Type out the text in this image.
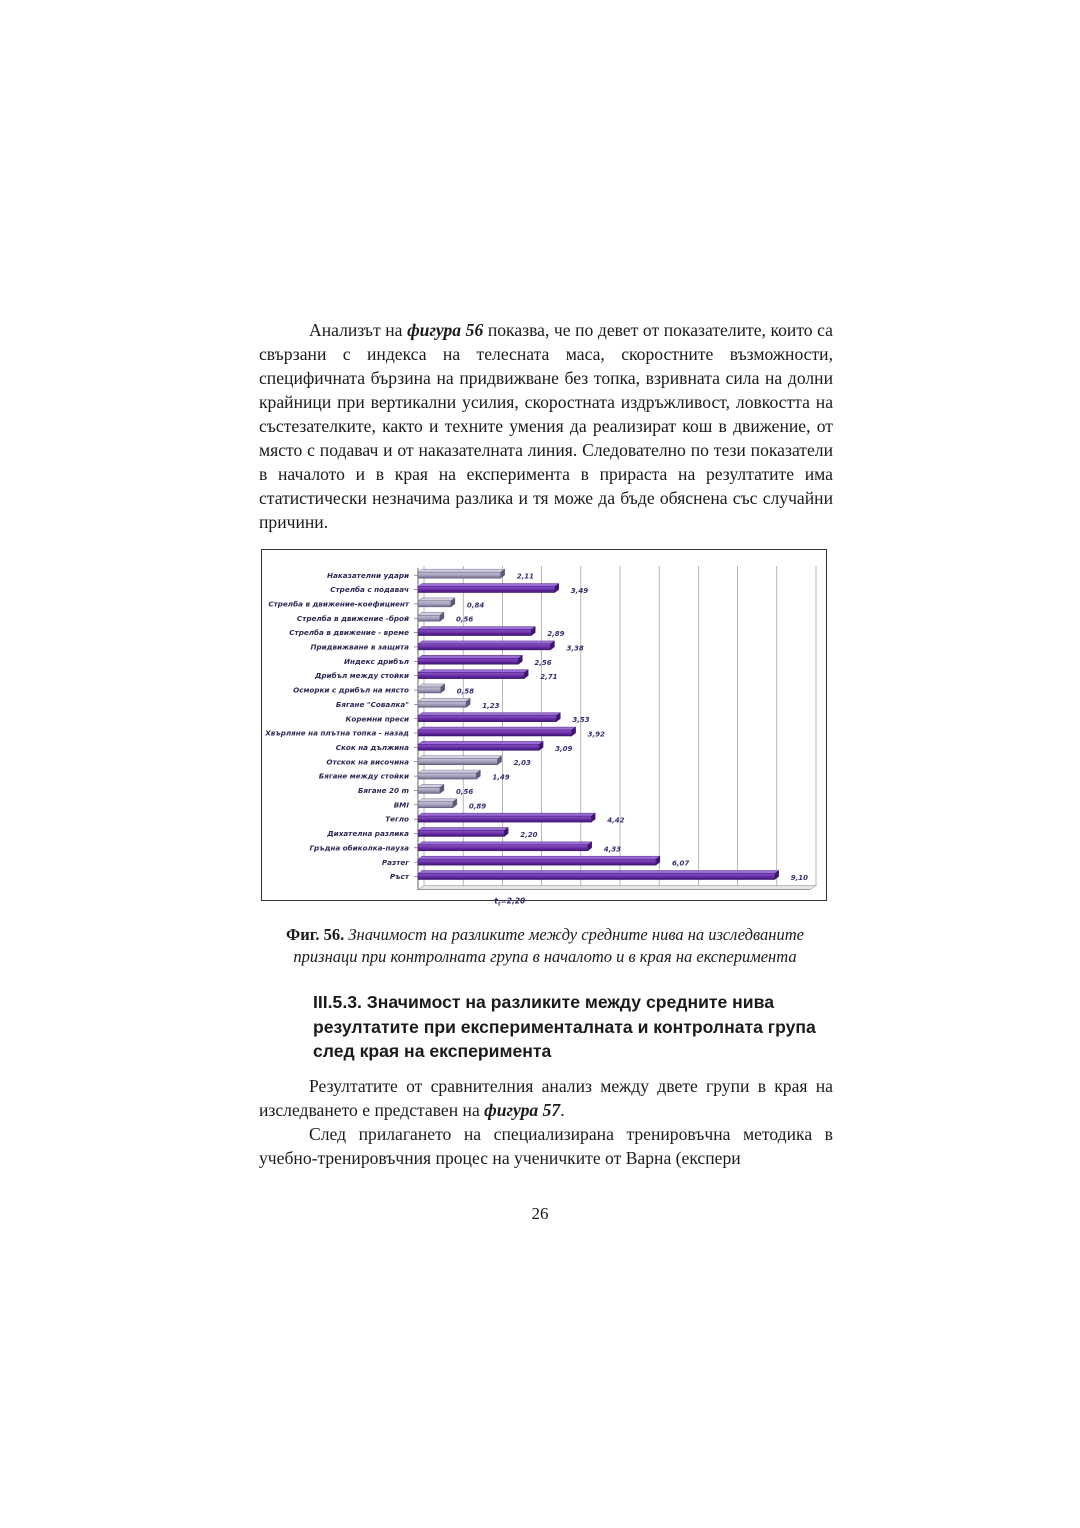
Анализът на фигура 56 показва, че по девет от показателите, които са свързани с индекса на телесната маса, скоростните възможности, специфичната бързина на придвижване без топка, взривната сила на долни крайници при вертикални усилия, скоростната издръжливост, ловкостта на състезателките, както и техните умения да реализират кош в движение, от място с подавач и от наказателната линия. Следователно по тези показатели в началото и в края на експеримента в прираста на резултатите има статистически незначима разлика и тя може да бъде обяснена със случайни причини.

Наказателни удари	2,11
Стрелба с подавач	3,49
Стрелба в движение-коефициент	0,84
Стрелба в движение -брой	0,56
Стрелба в движение - време	2,89
Придвижване в защита	3,38
Индекс дрибъл	2,56
Дрибъл между стойки	2,71
Осморки с дрибъл на място	0,58
Бягане "Совалка"	1,23
Коремни преси	3,53
Хвърляне на плътна топка - назад	3,92
Скок на дължина	3,09
Отскок на височина	2,03
Бягане между стойки	1,49
Бягане 20 m	0,56
BMI	0,89
Тегло	4,42
Дихателна разлика	2,20
Гръдна обиколка-пауза	4,33
Разтег	6,07
Ръст	9,10
$t_t=2,20$
Фиг. 56. Значимост на разликите между средните нива на изследваните признаци при контролната група в началото и в края на експеримента
III.5.3. Значимост на разликите между средните нива
резултатите при експерименталната и контролната група
след края на експеримента

Резултатите от сравнителния анализ между двете групи в края на изследването е представен на фигура 57.

След прилагането на специализирана тренировъчна методика в учебно-тренировъчния процес на ученичките от Варна (експери

26
